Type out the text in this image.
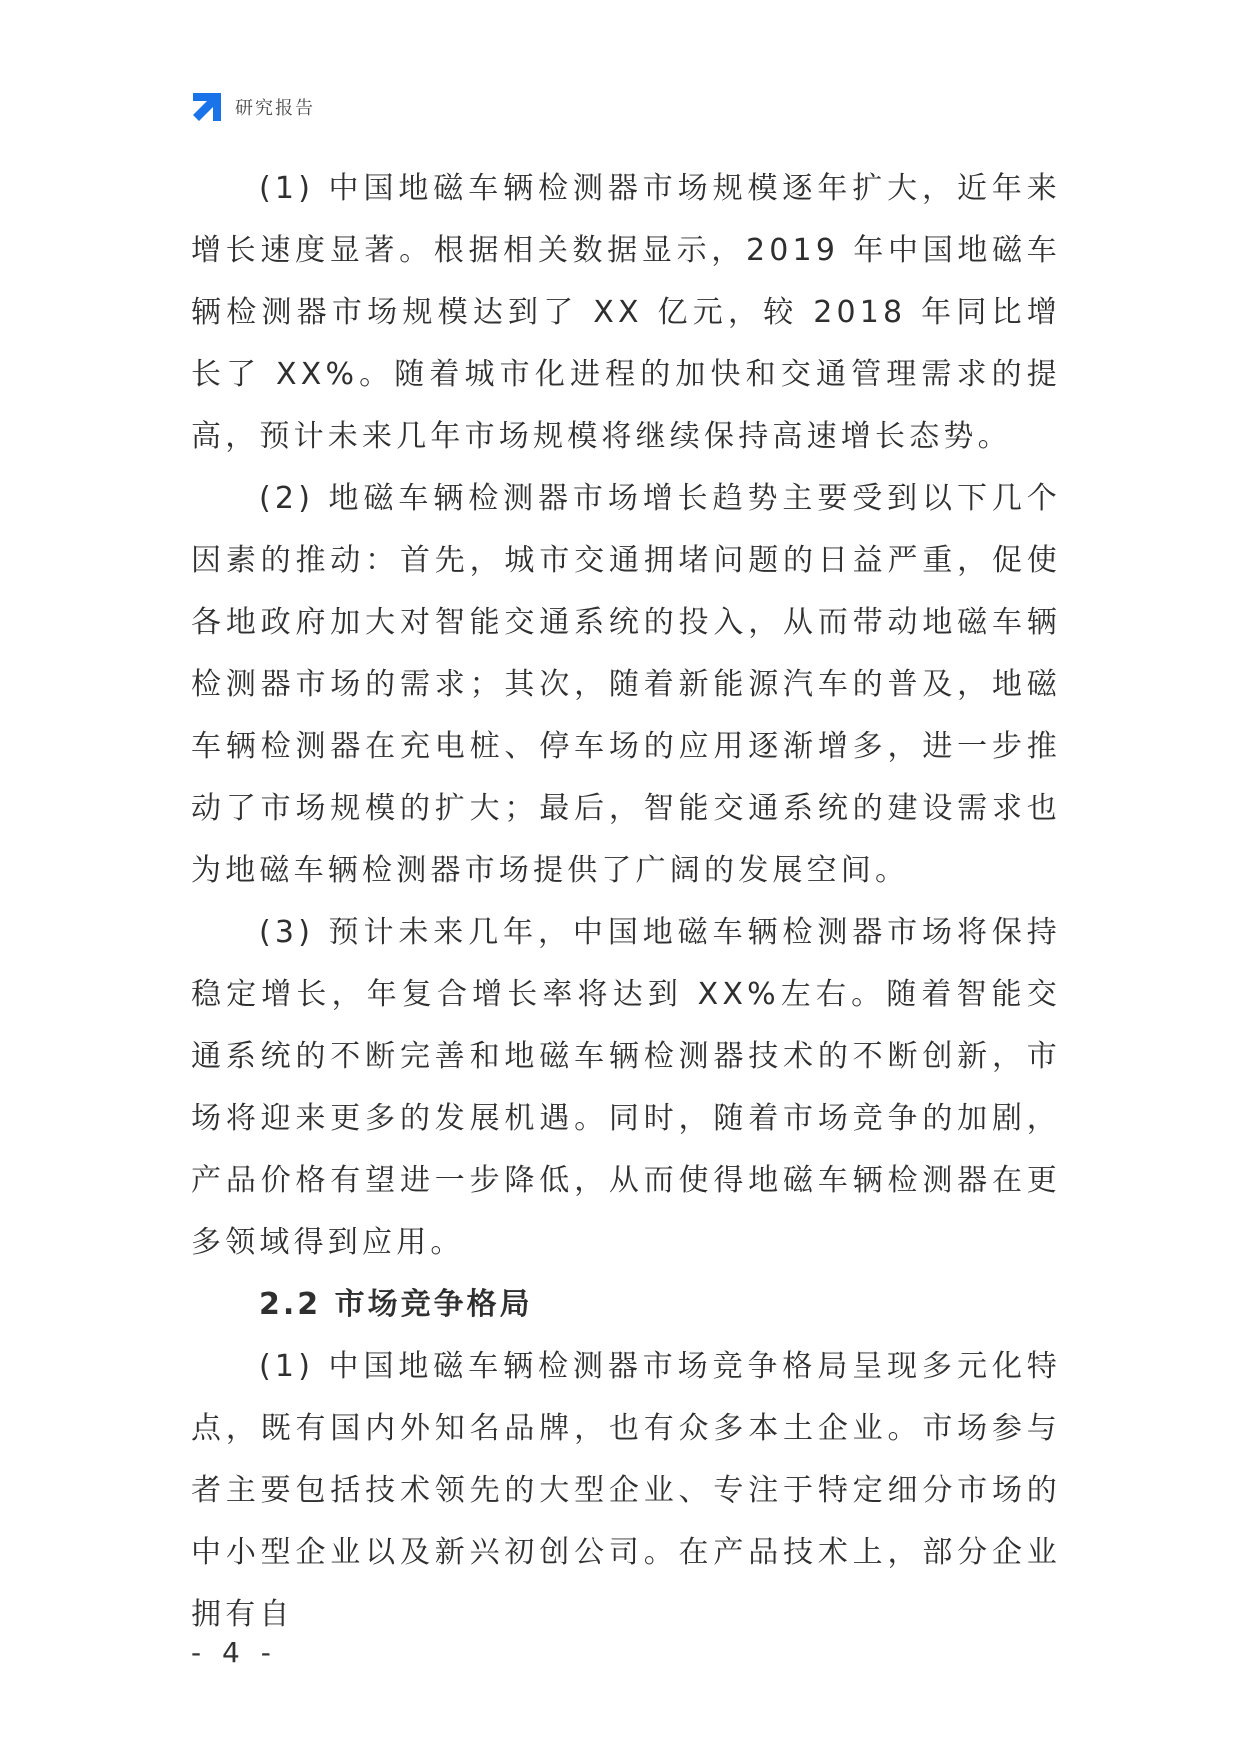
研究报告

(1) 中国地磁车辆检测器市场规模逐年扩大，近年来增长速度显著。根据相关数据显示，2019 年中国地磁车辆检测器市场规模达到了 XX 亿元，较 2018 年同比增长了 XX%。随着城市化进程的加快和交通管理需求的提高，预计未来几年市场规模将继续保持高速增长态势。

(2) 地磁车辆检测器市场增长趋势主要受到以下几个因素的推动：首先，城市交通拥堵问题的日益严重，促使各地政府加大对智能交通系统的投入，从而带动地磁车辆检测器市场的需求；其次，随着新能源汽车的普及，地磁车辆检测器在充电桩、停车场的应用逐渐增多，进一步推动了市场规模的扩大；最后，智能交通系统的建设需求也为地磁车辆检测器市场提供了广阔的发展空间。

(3) 预计未来几年，中国地磁车辆检测器市场将保持稳定增长，年复合增长率将达到 XX%左右。随着智能交通系统的不断完善和地磁车辆检测器技术的不断创新，市场将迎来更多的发展机遇。同时，随着市场竞争的加剧，产品价格有望进一步降低，从而使得地磁车辆检测器在更多领域得到应用。

2.2 市场竞争格局

(1) 中国地磁车辆检测器市场竞争格局呈现多元化特点，既有国内外知名品牌，也有众多本土企业。市场参与者主要包括技术领先的大型企业、专注于特定细分市场的中小型企业以及新兴初创公司。在产品技术上，部分企业拥有自

- 4 -
